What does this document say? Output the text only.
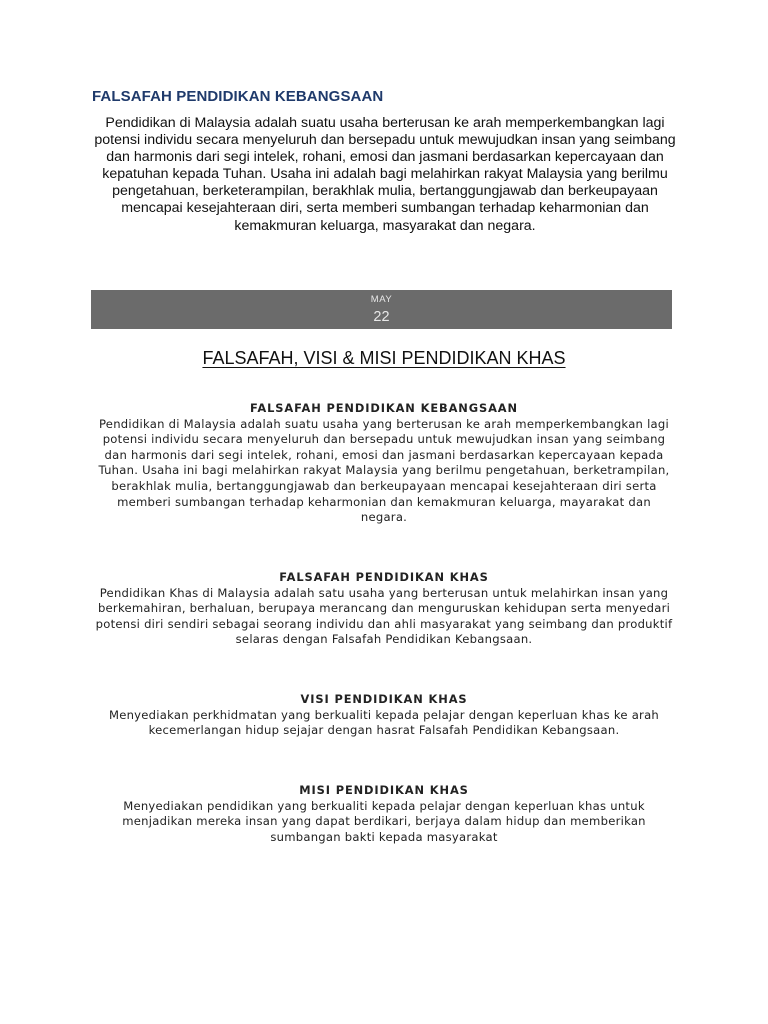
FALSAFAH PENDIDIKAN KEBANGSAAN
Pendidikan di Malaysia adalah suatu usaha berterusan ke arah memperkembangkan lagi potensi individu secara menyeluruh dan bersepadu untuk mewujudkan insan yang seimbang dan harmonis dari segi intelek, rohani, emosi dan jasmani berdasarkan kepercayaan dan kepatuhan kepada Tuhan. Usaha ini adalah bagi melahirkan rakyat Malaysia yang berilmu pengetahuan, berketerampilan, berakhlak mulia, bertanggungjawab dan berkeupayaan mencapai kesejahteraan diri, serta memberi sumbangan terhadap keharmonian dan kemakmuran keluarga, masyarakat dan negara.
MAY
22
FALSAFAH, VISI & MISI PENDIDIKAN KHAS
FALSAFAH PENDIDIKAN KEBANGSAAN
Pendidikan di Malaysia adalah suatu usaha yang berterusan ke arah memperkembangkan lagi potensi individu secara menyeluruh dan bersepadu untuk mewujudkan insan yang seimbang dan harmonis dari segi intelek, rohani, emosi dan jasmani berdasarkan kepercayaan kepada Tuhan. Usaha ini bagi melahirkan rakyat Malaysia yang berilmu pengetahuan, berketrampilan, berakhlak mulia, bertanggungjawab dan berkeupayaan mencapai kesejahteraan diri serta memberi sumbangan terhadap keharmonian dan kemakmuran keluarga, mayarakat dan negara.
FALSAFAH PENDIDIKAN KHAS
Pendidikan Khas di Malaysia adalah satu usaha yang berterusan untuk melahirkan insan yang berkemahiran, berhaluan, berupaya merancang dan menguruskan kehidupan serta menyedari potensi diri sendiri sebagai seorang individu dan ahli masyarakat yang seimbang dan produktif selaras dengan Falsafah Pendidikan Kebangsaan.
VISI PENDIDIKAN KHAS
Menyediakan perkhidmatan yang berkualiti kepada pelajar dengan keperluan khas ke arah kecemerlangan hidup sejajar dengan hasrat Falsafah Pendidikan Kebangsaan.
MISI PENDIDIKAN KHAS
Menyediakan pendidikan yang berkualiti kepada pelajar dengan keperluan khas untuk menjadikan mereka insan yang dapat berdikari, berjaya dalam hidup dan memberikan sumbangan bakti kepada masyarakat
